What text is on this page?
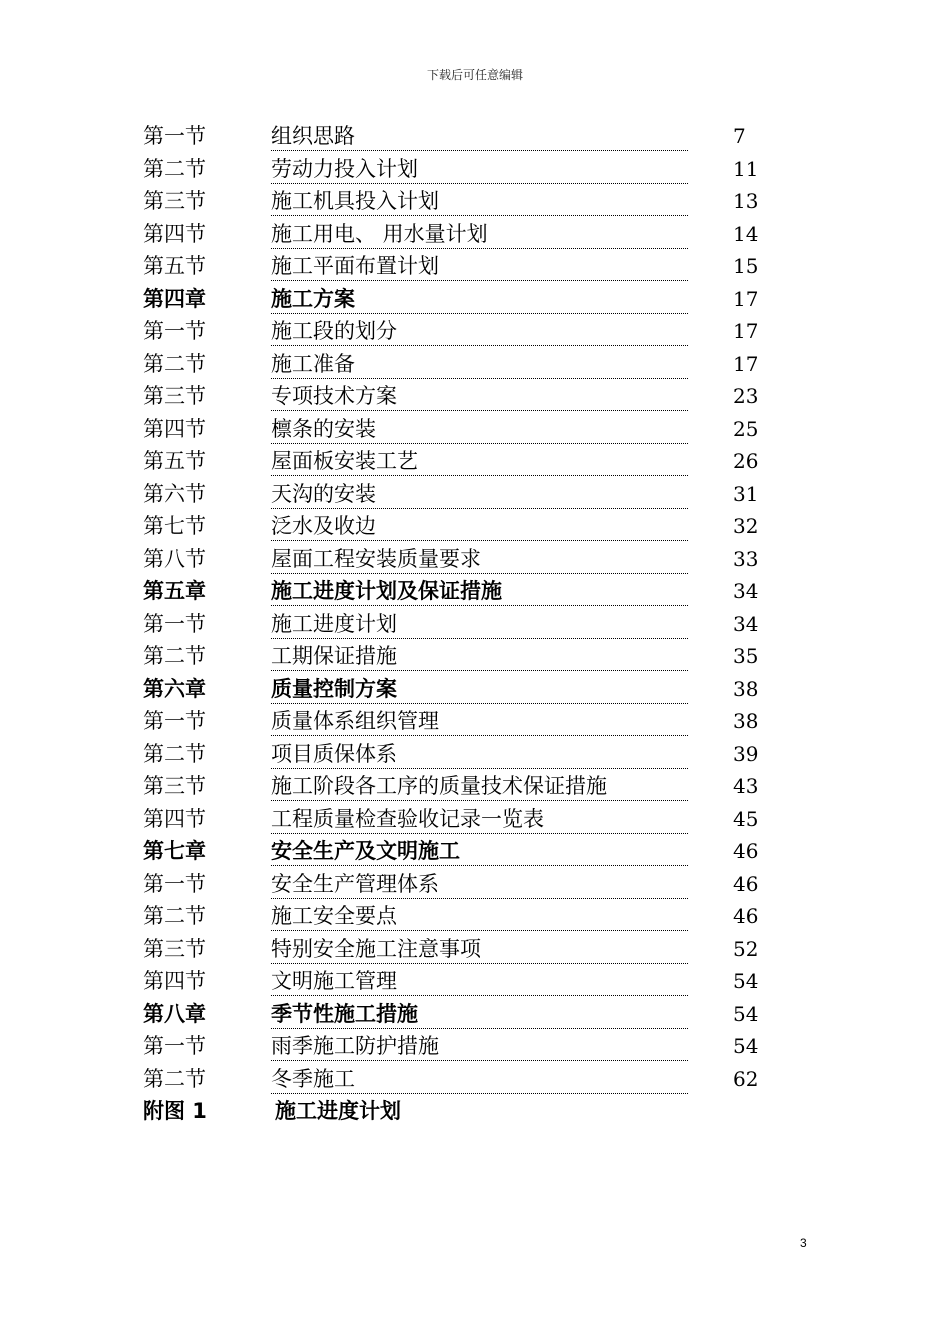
下载后可任意编辑
第一节	组织思路	7
第二节	劳动力投入计划	11
第三节	施工机具投入计划	13
第四节	施工用电、 用水量计划	14
第五节	施工平面布置计划	15
第四章	施工方案	17
第一节	施工段的划分	17
第二节	施工准备	17
第三节	专项技术方案	23
第四节	檩条的安装	25
第五节	屋面板安装工艺	26
第六节	天沟的安装	31
第七节	泛水及收边	32
第八节	屋面工程安装质量要求	33
第五章	施工进度计划及保证措施	34
第一节	施工进度计划	34
第二节	工期保证措施	35
第六章	质量控制方案	38
第一节	质量体系组织管理	38
第二节	项目质保体系	39
第三节	施工阶段各工序的质量技术保证措施	43
第四节	工程质量检查验收记录一览表	45
第七章	安全生产及文明施工	46
第一节	安全生产管理体系	46
第二节	施工安全要点	46
第三节	特别安全施工注意事项	52
第四节	文明施工管理	54
第八章	季节性施工措施	54
第一节	雨季施工防护措施	54
第二节	冬季施工	62
附图 1	施工进度计划
3
